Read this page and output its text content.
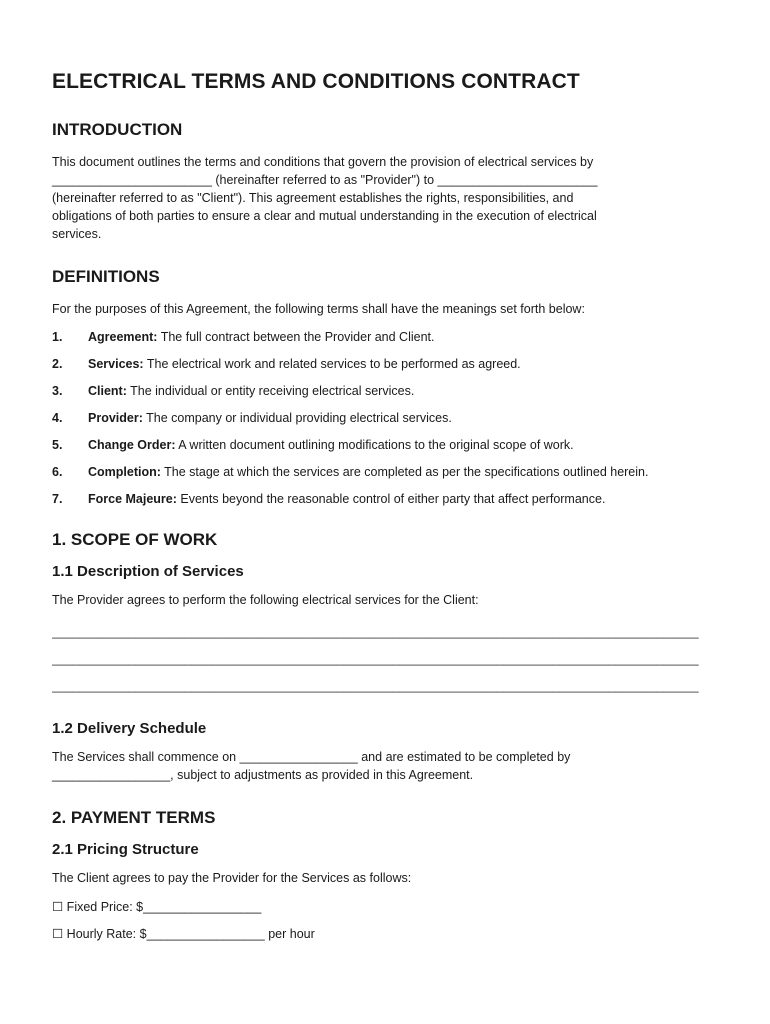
ELECTRICAL TERMS AND CONDITIONS CONTRACT
INTRODUCTION

This document outlines the terms and conditions that govern the provision of electrical services by
_______________________ (hereinafter referred to as "Provider") to _______________________
(hereinafter referred to as "Client"). This agreement establishes the rights, responsibilities, and
obligations of both parties to ensure a clear and mutual understanding in the execution of electrical
services.

DEFINITIONS

For the purposes of this Agreement, the following terms shall have the meanings set forth below:

1.	Agreement: The full contract between the Provider and Client.
2.	Services: The electrical work and related services to be performed as agreed.
3.	Client: The individual or entity receiving electrical services.
4.	Provider: The company or individual providing electrical services.
5.	Change Order: A written document outlining modifications to the original scope of work.
6.	Completion: The stage at which the services are completed as per the specifications outlined herein.
7.	Force Majeure: Events beyond the reasonable control of either party that affect performance.
1. SCOPE OF WORK
1.1 Description of Services

The Provider agrees to perform the following electrical services for the Client:

_____________________________________________________________________________________________
_____________________________________________________________________________________________
_____________________________________________________________________________________________
1.2 Delivery Schedule

The Services shall commence on _________________ and are estimated to be completed by
_________________, subject to adjustments as provided in this Agreement.

2. PAYMENT TERMS
2.1 Pricing Structure

The Client agrees to pay the Provider for the Services as follows:

☐ Fixed Price: $_________________
☐ Hourly Rate: $_________________ per hour
